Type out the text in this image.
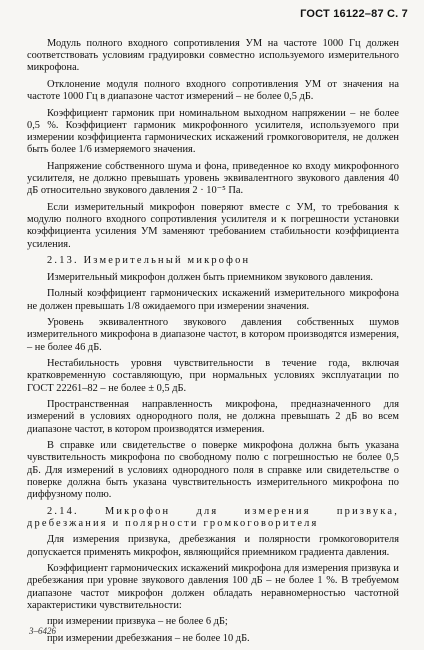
ГОСТ 16122–87 С. 7

Модуль полного входного сопротивления УМ на частоте 1000 Гц должен соответствовать условиям градуировки совместно используемого измерительного микрофона.

Отклонение модуля полного входного сопротивления УМ от значения на частоте 1000 Гц в диапазоне частот измерений – не более 0,5 дБ.

Коэффициент гармоник при номинальном выходном напряжении – не более 0,5 %. Коэффициент гармоник микрофонного усилителя, используемого при измерении коэффициента гармонических искажений громкоговорителя, не должен быть более 1/6 измеряемого значения.

Напряжение собственного шума и фона, приведенное ко входу микрофонного усилителя, не должно превышать уровень эквивалентного звукового давления 40 дБ относительно звукового давления 2 · 10⁻⁵ Па.

Если измерительный микрофон поверяют вместе с УМ, то требования к модулю полного входного сопротивления усилителя и к погрешности установки коэффициента усиления УМ заменяют требованием стабильности коэффициента усиления.

2.13. Измерительный микрофон

Измерительный микрофон должен быть приемником звукового давления.

Полный коэффициент гармонических искажений измерительного микрофона не должен превышать 1/8 ожидаемого при измерении значения.

Уровень эквивалентного звукового давления собственных шумов измерительного микрофона в диапазоне частот, в котором производятся измерения, – не более 46 дБ.

Нестабильность уровня чувствительности в течение года, включая кратковременную составляющую, при нормальных условиях эксплуатации по ГОСТ 22261–82 – не более ± 0,5 дБ.

Пространственная направленность микрофона, предназначенного для измерений в условиях однородного поля, не должна превышать 2 дБ во всем диапазоне частот, в котором производятся измерения.

В справке или свидетельстве о поверке микрофона должна быть указана чувствительность микрофона по свободному полю с погрешностью не более 0,5 дБ. Для измерений в условиях однородного поля в справке или свидетельстве о поверке должна быть указана чувствительность измерительного микрофона по диффузному полю.

2.14. Микрофон для измерения призвука, дребезжания и полярности громкоговорителя

Для измерения призвука, дребезжания и полярности громкоговорителя допускается применять микрофон, являющийся приемником градиента давления.

Коэффициент гармонических искажений микрофона для измерения призвука и дребезжания при уровне звукового давления 100 дБ – не более 1 %. В требуемом диапазоне частот микрофон должен обладать неравномерностью частотной характеристики чувствительности:

при измерении призвука – не более 6 дБ;

при измерении дребезжания – не более 10 дБ.

3–6426
